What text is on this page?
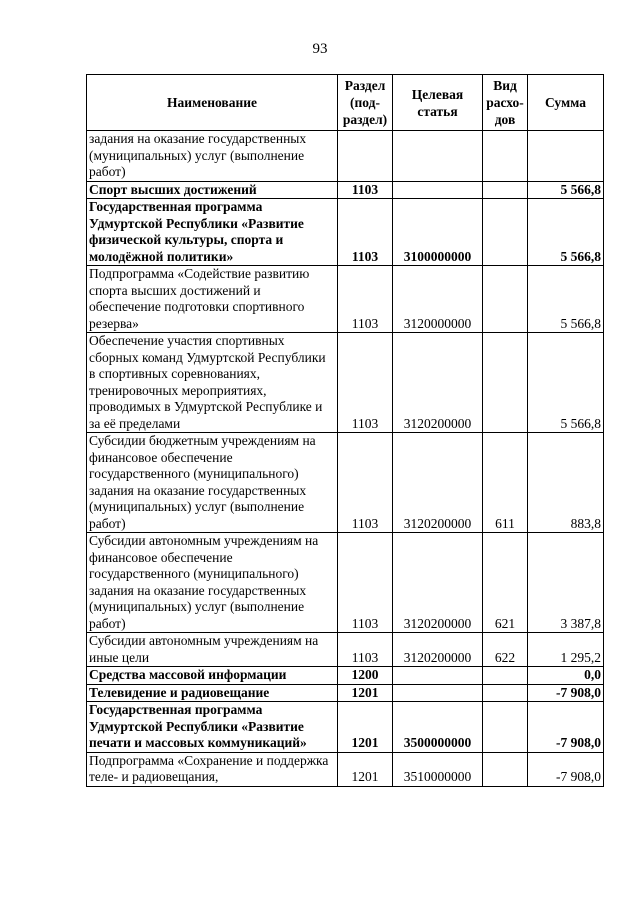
93
Наименование	Раздел (под-раздел)	Целевая статья	Вид расхо-дов	Сумма
задания на оказание государственных (муниципальных) услуг (выполнение работ)				
Спорт высших достижений	1103			5 566,8
Государственная программа Удмуртской Республики «Развитие физической культуры, спорта и молодёжной политики»	1103	3100000000		5 566,8
Подпрограмма «Содействие развитию спорта высших достижений и обеспечение подготовки спортивного резерва»	1103	3120000000		5 566,8
Обеспечение участия спортивных сборных команд Удмуртской Республики в спортивных соревнованиях, тренировочных мероприятиях, проводимых в Удмуртской Республике и за её пределами	1103	3120200000		5 566,8
Субсидии бюджетным учреждениям на финансовое обеспечение государственного (муниципального) задания на оказание государственных (муниципальных) услуг (выполнение работ)	1103	3120200000	611	883,8
Субсидии автономным учреждениям на финансовое обеспечение государственного (муниципального) задания на оказание государственных (муниципальных) услуг (выполнение работ)	1103	3120200000	621	3 387,8
Субсидии автономным учреждениям на иные цели	1103	3120200000	622	1 295,2
Средства массовой информации	1200			0,0
Телевидение и радиовещание	1201			-7 908,0
Государственная программа Удмуртской Республики «Развитие печати и массовых коммуникаций»	1201	3500000000		-7 908,0
Подпрограмма «Сохранение и поддержка теле- и радиовещания,	1201	3510000000		-7 908,0
